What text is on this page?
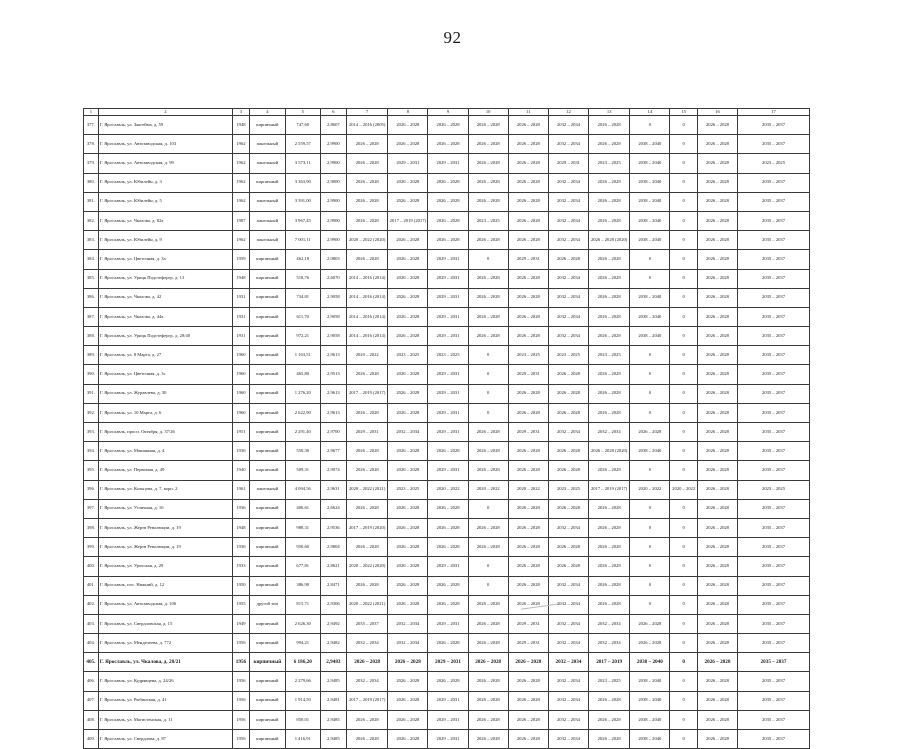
92
1	2	3	4	5	6	7	8	9	10	11	12	13	14	15	16	17
377.	Г. Ярославль, ул. Закгейма, д. 59	1948	кирпичный	747,60	2,8607	2014 – 2016 (2005)	2026 – 2028	2026 – 2028	2026 – 2028	2026 – 2028	2032 – 2034	2026 – 2028	0	0	2026 – 2028	2035 – 2037
378.	Г. Ярославль, ул. Автозаводская, д. 103	1962	панельный	2 559,57	2,9900	2026 – 2028	2026 – 2028	2026 – 2028	2026 – 2028	2026 – 2028	2032 – 2034	2026 – 2028	2038 – 2040	0	2026 – 2028	2035 – 2037
379.	Г. Ярославль, ул. Автозаводская, д. 99	1962	панельный	3 573,11	2,9900	2026 – 2028	2029 – 2031	2029 – 2031	2026 – 2028	2026 – 2028	2029 – 2031	2023 – 2025	2038 – 2040	0	2026 – 2028	2023 – 2025
380.	Г. Ярославль, ул. Юбилейн, д. 3	1962	кирпичный	3 363,90	2,9000	2026 – 2028	2026 – 2028	2026 – 2028	2026 – 2028	2026 – 2028	2032 – 2034	2026 – 2028	2038 – 2040	0	2026 – 2028	2035 – 2037
381.	Г. Ярославль, ул. Юбилейн, д. 5	1962	панельный	3 391,00	2,9900	2026 – 2028	2026 – 2028	2026 – 2028	2026 – 2028	2026 – 2028	2032 – 2034	2026 – 2028	2038 – 2040	0	2026 – 2028	2035 – 2037
382.	Г. Ярославль, ул. Чкалова, д. 82а	1987	панельный	3 967,45	2,9900	2026 – 2028	2017 – 2019 (2017)	2026 – 2028	2023 – 2025	2026 – 2028	2032 – 2034	2026 – 2028	2038 – 2040	0	2026 – 2028	2035 – 2037
383.	Г. Ярославль, ул. Юбилейн, д. 9	1962	панельный	7 001,11	2,9900	2020 – 2022 (2020)	2026 – 2028	2026 – 2028	2026 – 2028	2026 – 2028	2032 – 2034	2026 – 2028 (2020)	2038 – 2040	0	2026 – 2028	2035 – 2037
384.	Г. Ярославль, ул. Цветочная, д. 3а	1959	кирпичный	462,18	2,0803	2026 – 2028	2026 – 2028	2029 – 2031	0	2029 – 2031	2026 – 2028	2026 – 2028	0	0	2026 – 2028	2035 – 2037
385.	Г. Ярославль, ул. Урицк Подстефергр, д. 13	1948	кирпичный	518,76	2,6070	2014 – 2016 (2014)	2026 – 2028	2029 – 2031	2026 – 2028	2026 – 2028	2032 – 2034	2026 – 2028	0	0	2026 – 2028	2035 – 2037
386.	Г. Ярославль, ул. Чкалова, д. 42	1931	кирпичный	734,81	2,9058	2014 – 2016 (2014)	2026 – 2028	2029 – 2031	2026 – 2028	2026 – 2028	2032 – 2034	2026 – 2028	2038 – 2040	0	2026 – 2028	2035 – 2037
387.	Г. Ярославль, ул. Чкалова, д. 44а	1931	кирпичный	611,70	2,9058	2014 – 2016 (2014)	2026 – 2028	2029 – 2031	2026 – 2028	2026 – 2028	2032 – 2034	2026 – 2028	2038 – 2040	0	2026 – 2028	2035 – 2037
388.	Г. Ярославль, ул. Урицк Подстефергр, д. 28/40	1931	кирпичный	972,21	2,9058	2014 – 2016 (2014)	2026 – 2028	2029 – 2031	2026 – 2028	2026 – 2028	2032 – 2034	2026 – 2028	2038 – 2040	0	2026 – 2028	2035 – 2037
389.	Г. Ярославль, ул. 8 Марта, д. 27	1960	кирпичный	1 163,51	2,9613	2020 – 2022	2023 – 2025	2023 – 2025	0	2023 – 2025	2023 – 2025	2023 – 2025	0	0	2026 – 2028	2035 – 2037
390.	Г. Ярославль, ул. Цветочная, д. 3с	1960	кирпичный	465,80	2,9513	2026 – 2028	2026 – 2028	2029 – 2031	0	2029 – 2031	2026 – 2028	2026 – 2028	0	0	2026 – 2028	2035 – 2037
391.	Г. Ярославль, ул. Журавлева, д. 30	1960	кирпичный	1 276,20	2,9613	2017 – 2019 (2017)	2026 – 2028	2029 – 2031	0	2026 – 2028	2026 – 2028	2026 – 2028	0	0	2026 – 2028	2035 – 2037
392.	Г. Ярославль, ул. 10 Марта, д. 6	1960	кирпичный	2 622,90	2,9613	2026 – 2028	2026 – 2028	2029 – 2031	0	2026 – 2028	2026 – 2028	2026 – 2028	0	0	2026 – 2028	2035 – 2037
393.	Г. Ярославль, просп. Октября, д. 37/26	1951	кирпичный	2 291,40	2,9700	2029 – 2031	2032 – 2034	2029 – 2031	2026 – 2028	2029 – 2031	2032 – 2034	2032 – 2034	2026 – 2028	0	2026 – 2028	2035 – 2037
394.	Г. Ярославль, ул. Машинная, д. 4	1936	кирпичный	550,30	2,9677	2026 – 2028	2026 – 2028	2026 – 2028	2026 – 2028	2026 – 2028	2026 – 2028	2026 – 2028 (2020)	2038 – 2040	0	2026 – 2028	2035 – 2037
395.	Г. Ярославль, ул. Первомая, д. 49	1940	кирпичный	509,31	2,9074	2026 – 2028	2026 – 2028	2029 – 2031	2026 – 2028	2026 – 2028	2026 – 2028	2026 – 2028	0	0	2026 – 2028	2035 – 2037
396.	Г. Ярославль, ул. Кольцова, д. 7, корп. 2	1961	панельный	4 094,56	2,9631	2020 – 2022 (2021)	2023 – 2025	2020 – 2022	2020 – 2022	2020 – 2022	2023 – 2025	2017 – 2019 (2017)	2020 – 2022	2020 – 2022	2026 – 2028	2023 – 2025
397.	Г. Ярославль, ул. Угличная, д. 16	1936	кирпичный	406,61	2,6624	2026 – 2028	2026 – 2028	2026 – 2028	0	2026 – 2028	2026 – 2028	2026 – 2028	0	0	2026 – 2028	2035 – 2037
398.	Г. Ярославль, ул. Жертв Революции, д. 19	1948	кирпичный	988,31	2,9536	2017 – 2019 (2020)	2026 – 2028	2026 – 2028	2026 – 2028	2026 – 2028	2032 – 2034	2026 – 2028	0	0	2026 – 2028	2035 – 2037
399.	Г. Ярославль, ул. Жертв Революции, д. 19	1936	кирпичный	950,60	2,9804	2026 – 2028	2026 – 2028	2026 – 2028	2026 – 2028	2026 – 2028	2026 – 2028	2026 – 2028	0	0	2026 – 2028	2035 – 2037
400.	Г. Ярославль, ул. Урочская, д. 29	1933	кирпичный	677,81	2,8621	2020 – 2022 (2020)	2026 – 2028	2029 – 2031	0	2026 – 2028	2026 – 2028	2026 – 2028	0	0	2026 – 2028	2035 – 2037
401.	Г. Ярославль, пос. Нижний, д. 12	1950	кирпичный	386,90	2,8471	2026 – 2028	2026 – 2028	2026 – 2028	0	2026 – 2028	2032 – 2034	2026 – 2028	0	0	2026 – 2028	2035 – 2037
402.	Г. Ярославль, ул. Автозаводская, д. 106	1955	другой тип	815,71	2,9306	2020 – 2022 (2021)	2026 – 2028	2026 – 2028	2026 – 2028	2026 – 2028	2032 – 2034	2026 – 2028	0	0	2026 – 2028	2035 – 2037
403.	Г. Ярославль, ул. Свердловская, д. 15	1949	кирпичный	2 626,30	2,9492	2035 – 2037	2032 – 2034	2029 – 2031	2026 – 2028	2029 – 2031	2032 – 2034	2032 – 2034	2026 – 2028	0	2026 – 2028	2035 – 2037
404.	Г. Ярославль, ул. Менделеева, д. 772	1956	кирпичный	994,21	2,9482	2032 – 2034	2032 – 2034	2026 – 2028	2026 – 2028	2029 – 2031	2032 – 2034	2032 – 2034	2026 – 2028	0	2026 – 2028	2035 – 2037
405.	Г. Ярославль, ул. Чкалова, д. 28/21	1956	кирпичный	6 186,20	2,9483	2026 – 2028	2026 – 2028	2029 – 2031	2026 – 2028	2026 – 2028	2032 – 2034	2017 – 2019	2038 – 2040	0	2026 – 2028	2035 – 2037
406.	Г. Ярославль, ул. Кудрявцева, д. 24/26	1956	кирпичный	2 279,66	2,9485	2032 – 2034	2026 – 2028	2026 – 2028	2026 – 2028	2026 – 2028	2032 – 2034	2023 – 2025	2038 – 2040	0	2026 – 2028	2035 – 2037
407.	Г. Ярославль, ул. Рыбинская, д. 41	1956	кирпичный	1 914,50	2,9481	2017 – 2019 (2017)	2026 – 2028	2029 – 2031	2026 – 2028	2026 – 2028	2032 – 2034	2026 – 2028	2038 – 2040	0	2026 – 2028	2035 – 2037
408.	Г. Ярославль, ул. Магистенская, д. 11	1956	кирпичный	850,01	2,9485	2026 – 2028	2026 – 2028	2029 – 2031	2026 – 2028	2026 – 2028	2032 – 2034	2026 – 2028	2038 – 2040	0	2026 – 2028	2035 – 2037
409.	Г. Ярославль, ул. Свердлова, д. 87	1956	кирпичный	1 416,91	2,9485	2026 – 2028	2026 – 2028	2029 – 2031	2026 – 2028	2026 – 2028	2032 – 2034	2026 – 2028	2038 – 2040	0	2026 – 2028	2035 – 2037
